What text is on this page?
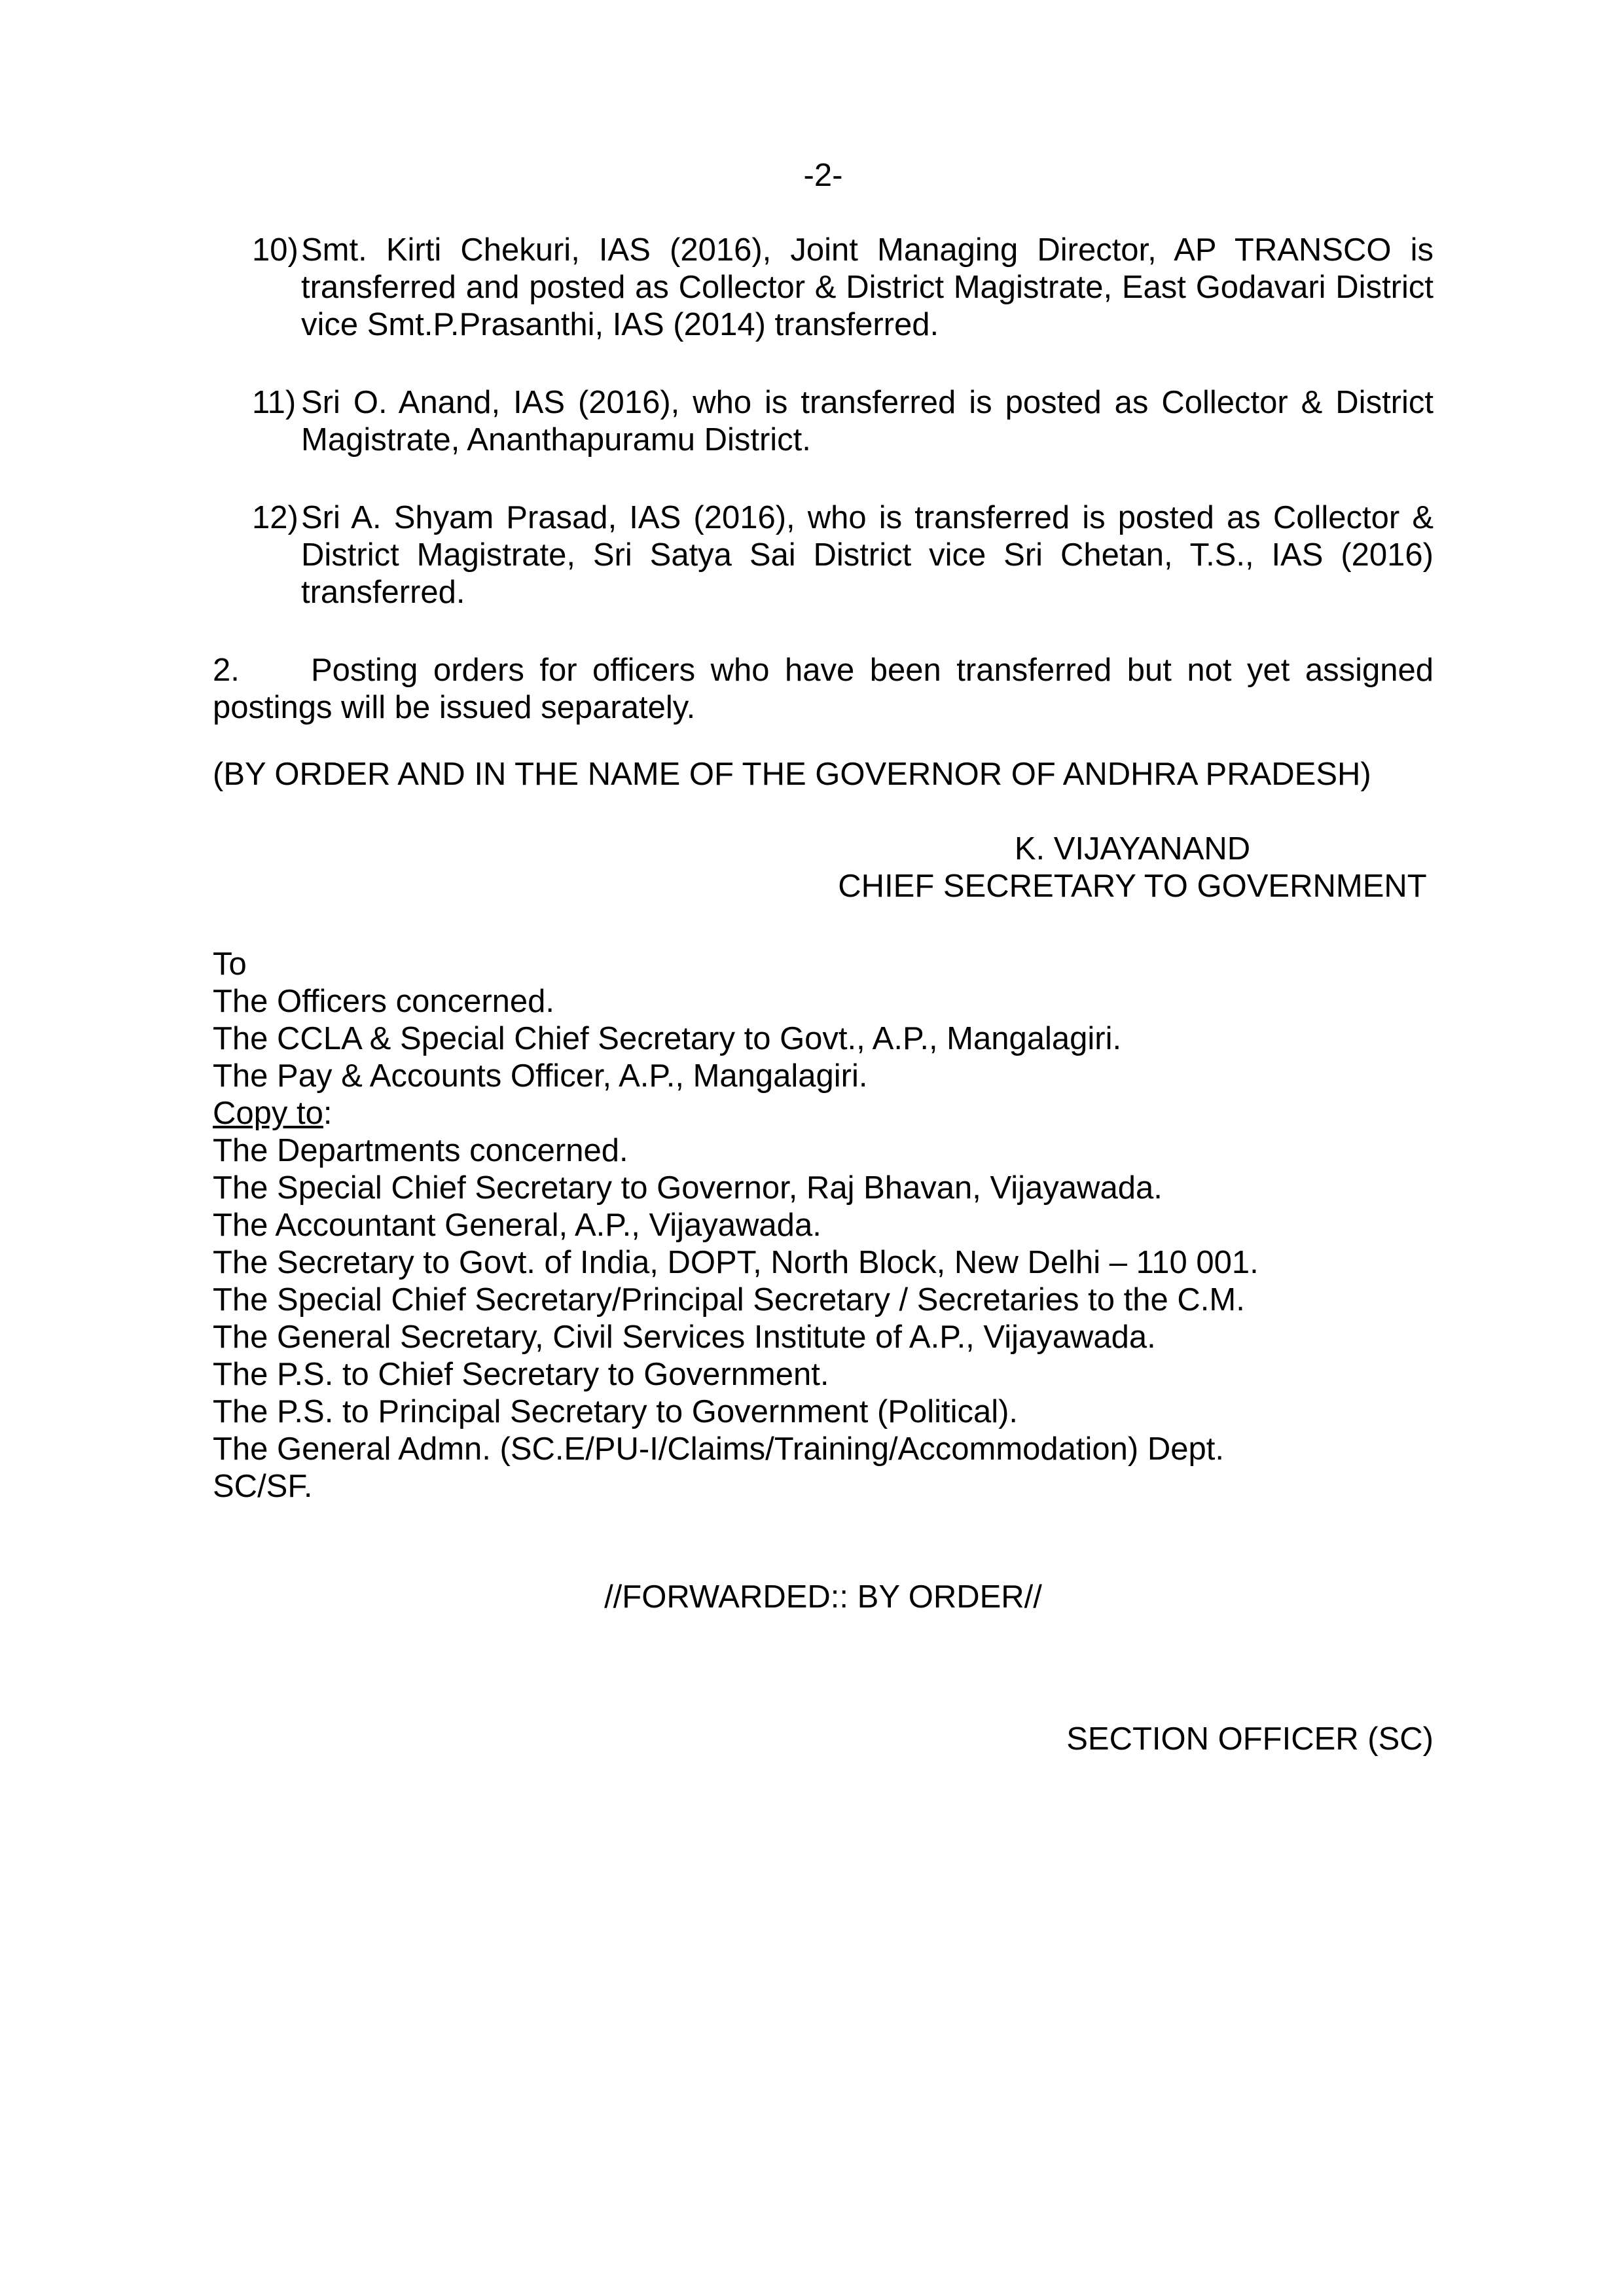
-2-
10) Smt. Kirti Chekuri, IAS (2016), Joint Managing Director, AP TRANSCO is transferred and posted as Collector & District Magistrate, East Godavari District vice Smt.P.Prasanthi, IAS (2014) transferred.
11) Sri O. Anand, IAS (2016), who is transferred is posted as Collector & District Magistrate, Ananthapuramu District.
12) Sri A. Shyam Prasad, IAS (2016), who is transferred is posted as Collector & District Magistrate, Sri Satya Sai District vice Sri Chetan, T.S., IAS (2016) transferred.
2. Posting orders for officers who have been transferred but not yet assigned postings will be issued separately.
(BY ORDER AND IN THE NAME OF THE GOVERNOR OF ANDHRA PRADESH)
K. VIJAYANAND
CHIEF SECRETARY TO GOVERNMENT
To
The Officers concerned.
The CCLA & Special Chief Secretary to Govt., A.P., Mangalagiri.
The Pay & Accounts Officer, A.P., Mangalagiri.
Copy to:
The Departments concerned.
The Special Chief Secretary to Governor, Raj Bhavan, Vijayawada.
The Accountant General, A.P., Vijayawada.
The Secretary to Govt. of India, DOPT, North Block, New Delhi – 110 001.
The Special Chief Secretary/Principal Secretary / Secretaries to the C.M.
The General Secretary, Civil Services Institute of A.P., Vijayawada.
The P.S. to Chief Secretary to Government.
The P.S. to Principal Secretary to Government (Political).
The General Admn. (SC.E/PU-I/Claims/Training/Accommodation) Dept.
SC/SF.
//FORWARDED:: BY ORDER//
SECTION OFFICER (SC)
